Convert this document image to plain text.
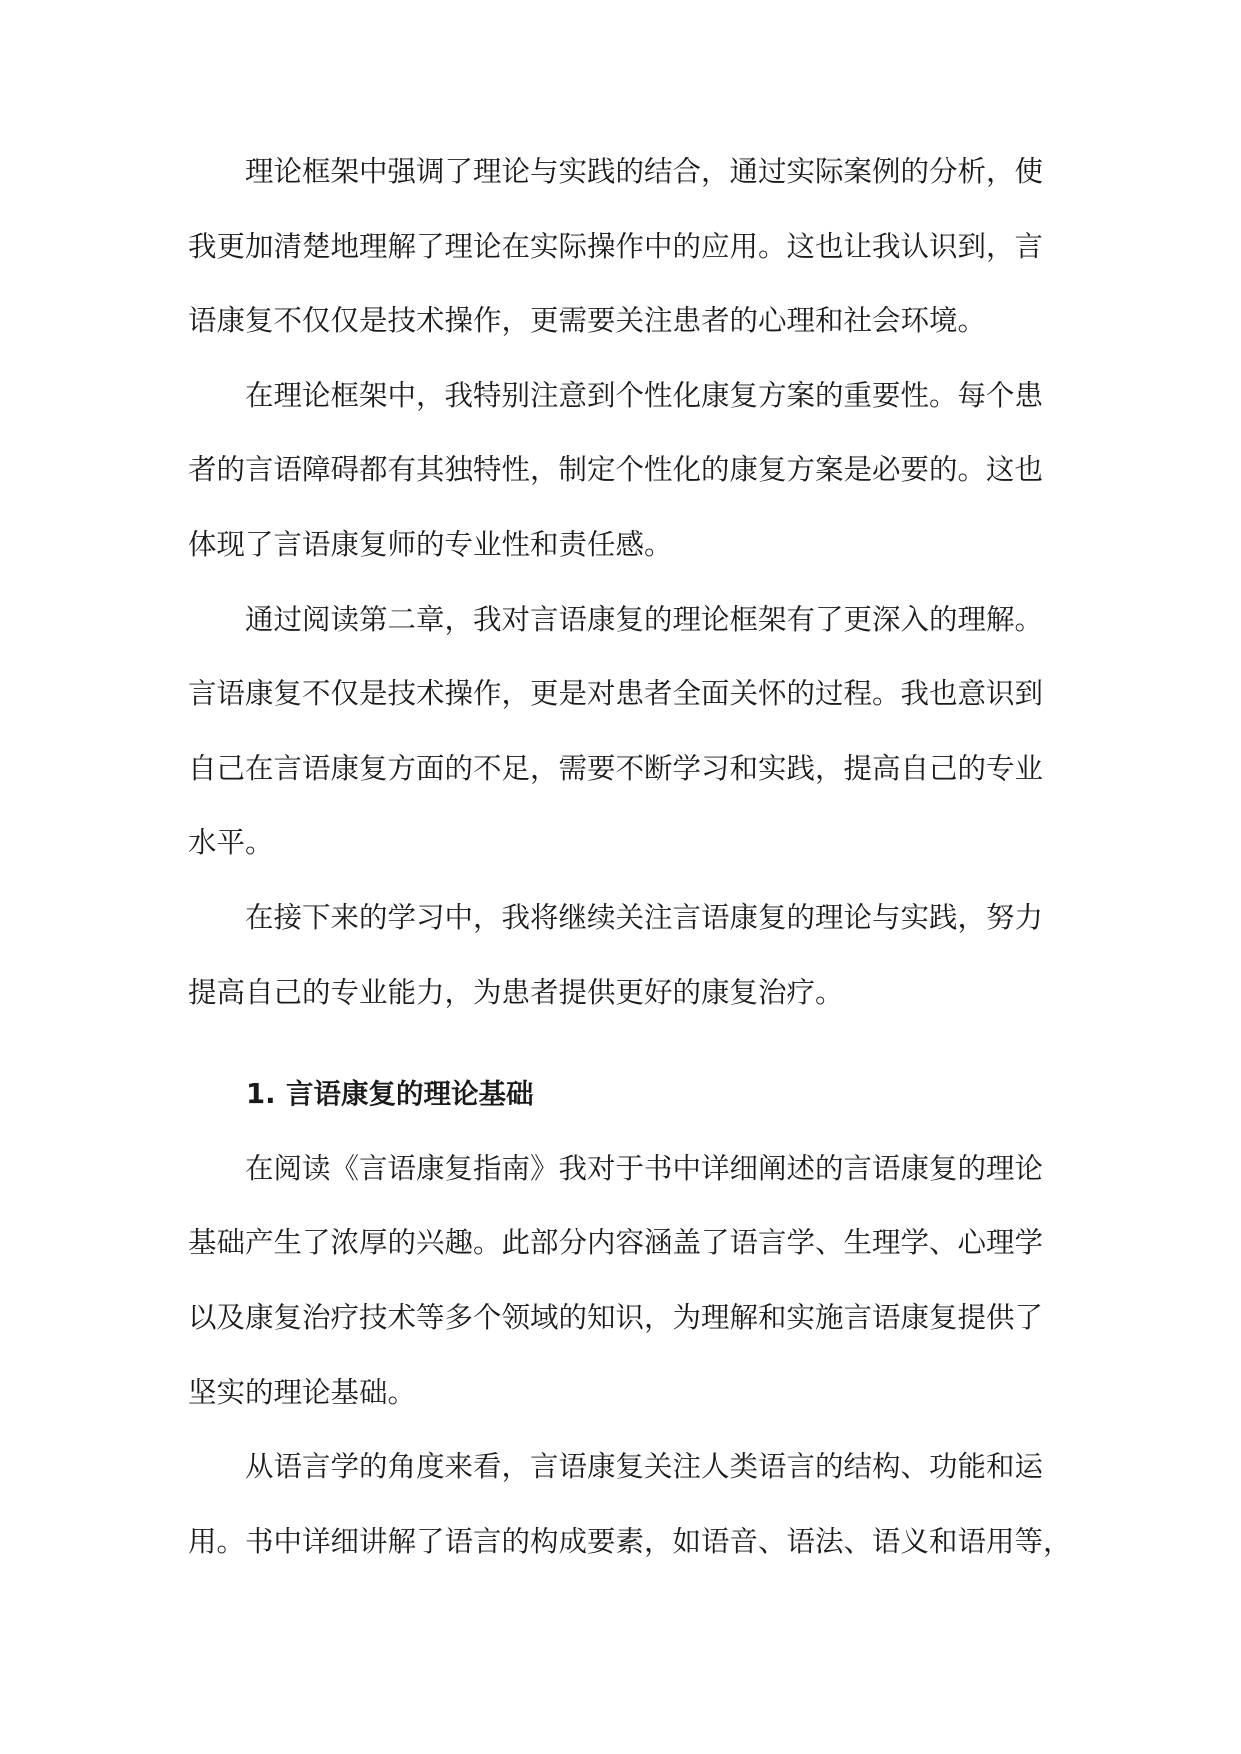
理论框架中强调了理论与实践的结合，通过实际案例的分析，使
我更加清楚地理解了理论在实际操作中的应用。这也让我认识到，言
语康复不仅仅是技术操作，更需要关注患者的心理和社会环境。

在理论框架中，我特别注意到个性化康复方案的重要性。每个患
者的言语障碍都有其独特性，制定个性化的康复方案是必要的。这也
体现了言语康复师的专业性和责任感。

通过阅读第二章，我对言语康复的理论框架有了更深入的理解。
言语康复不仅是技术操作，更是对患者全面关怀的过程。我也意识到
自己在言语康复方面的不足，需要不断学习和实践，提高自己的专业
水平。

在接下来的学习中，我将继续关注言语康复的理论与实践，努力
提高自己的专业能力，为患者提供更好的康复治疗。

1. 言语康复的理论基础

在阅读《言语康复指南》我对于书中详细阐述的言语康复的理论
基础产生了浓厚的兴趣。此部分内容涵盖了语言学、生理学、心理学
以及康复治疗技术等多个领域的知识，为理解和实施言语康复提供了
坚实的理论基础。

从语言学的角度来看，言语康复关注人类语言的结构、功能和运
用。书中详细讲解了语言的构成要素，如语音、语法、语义和语用等，
